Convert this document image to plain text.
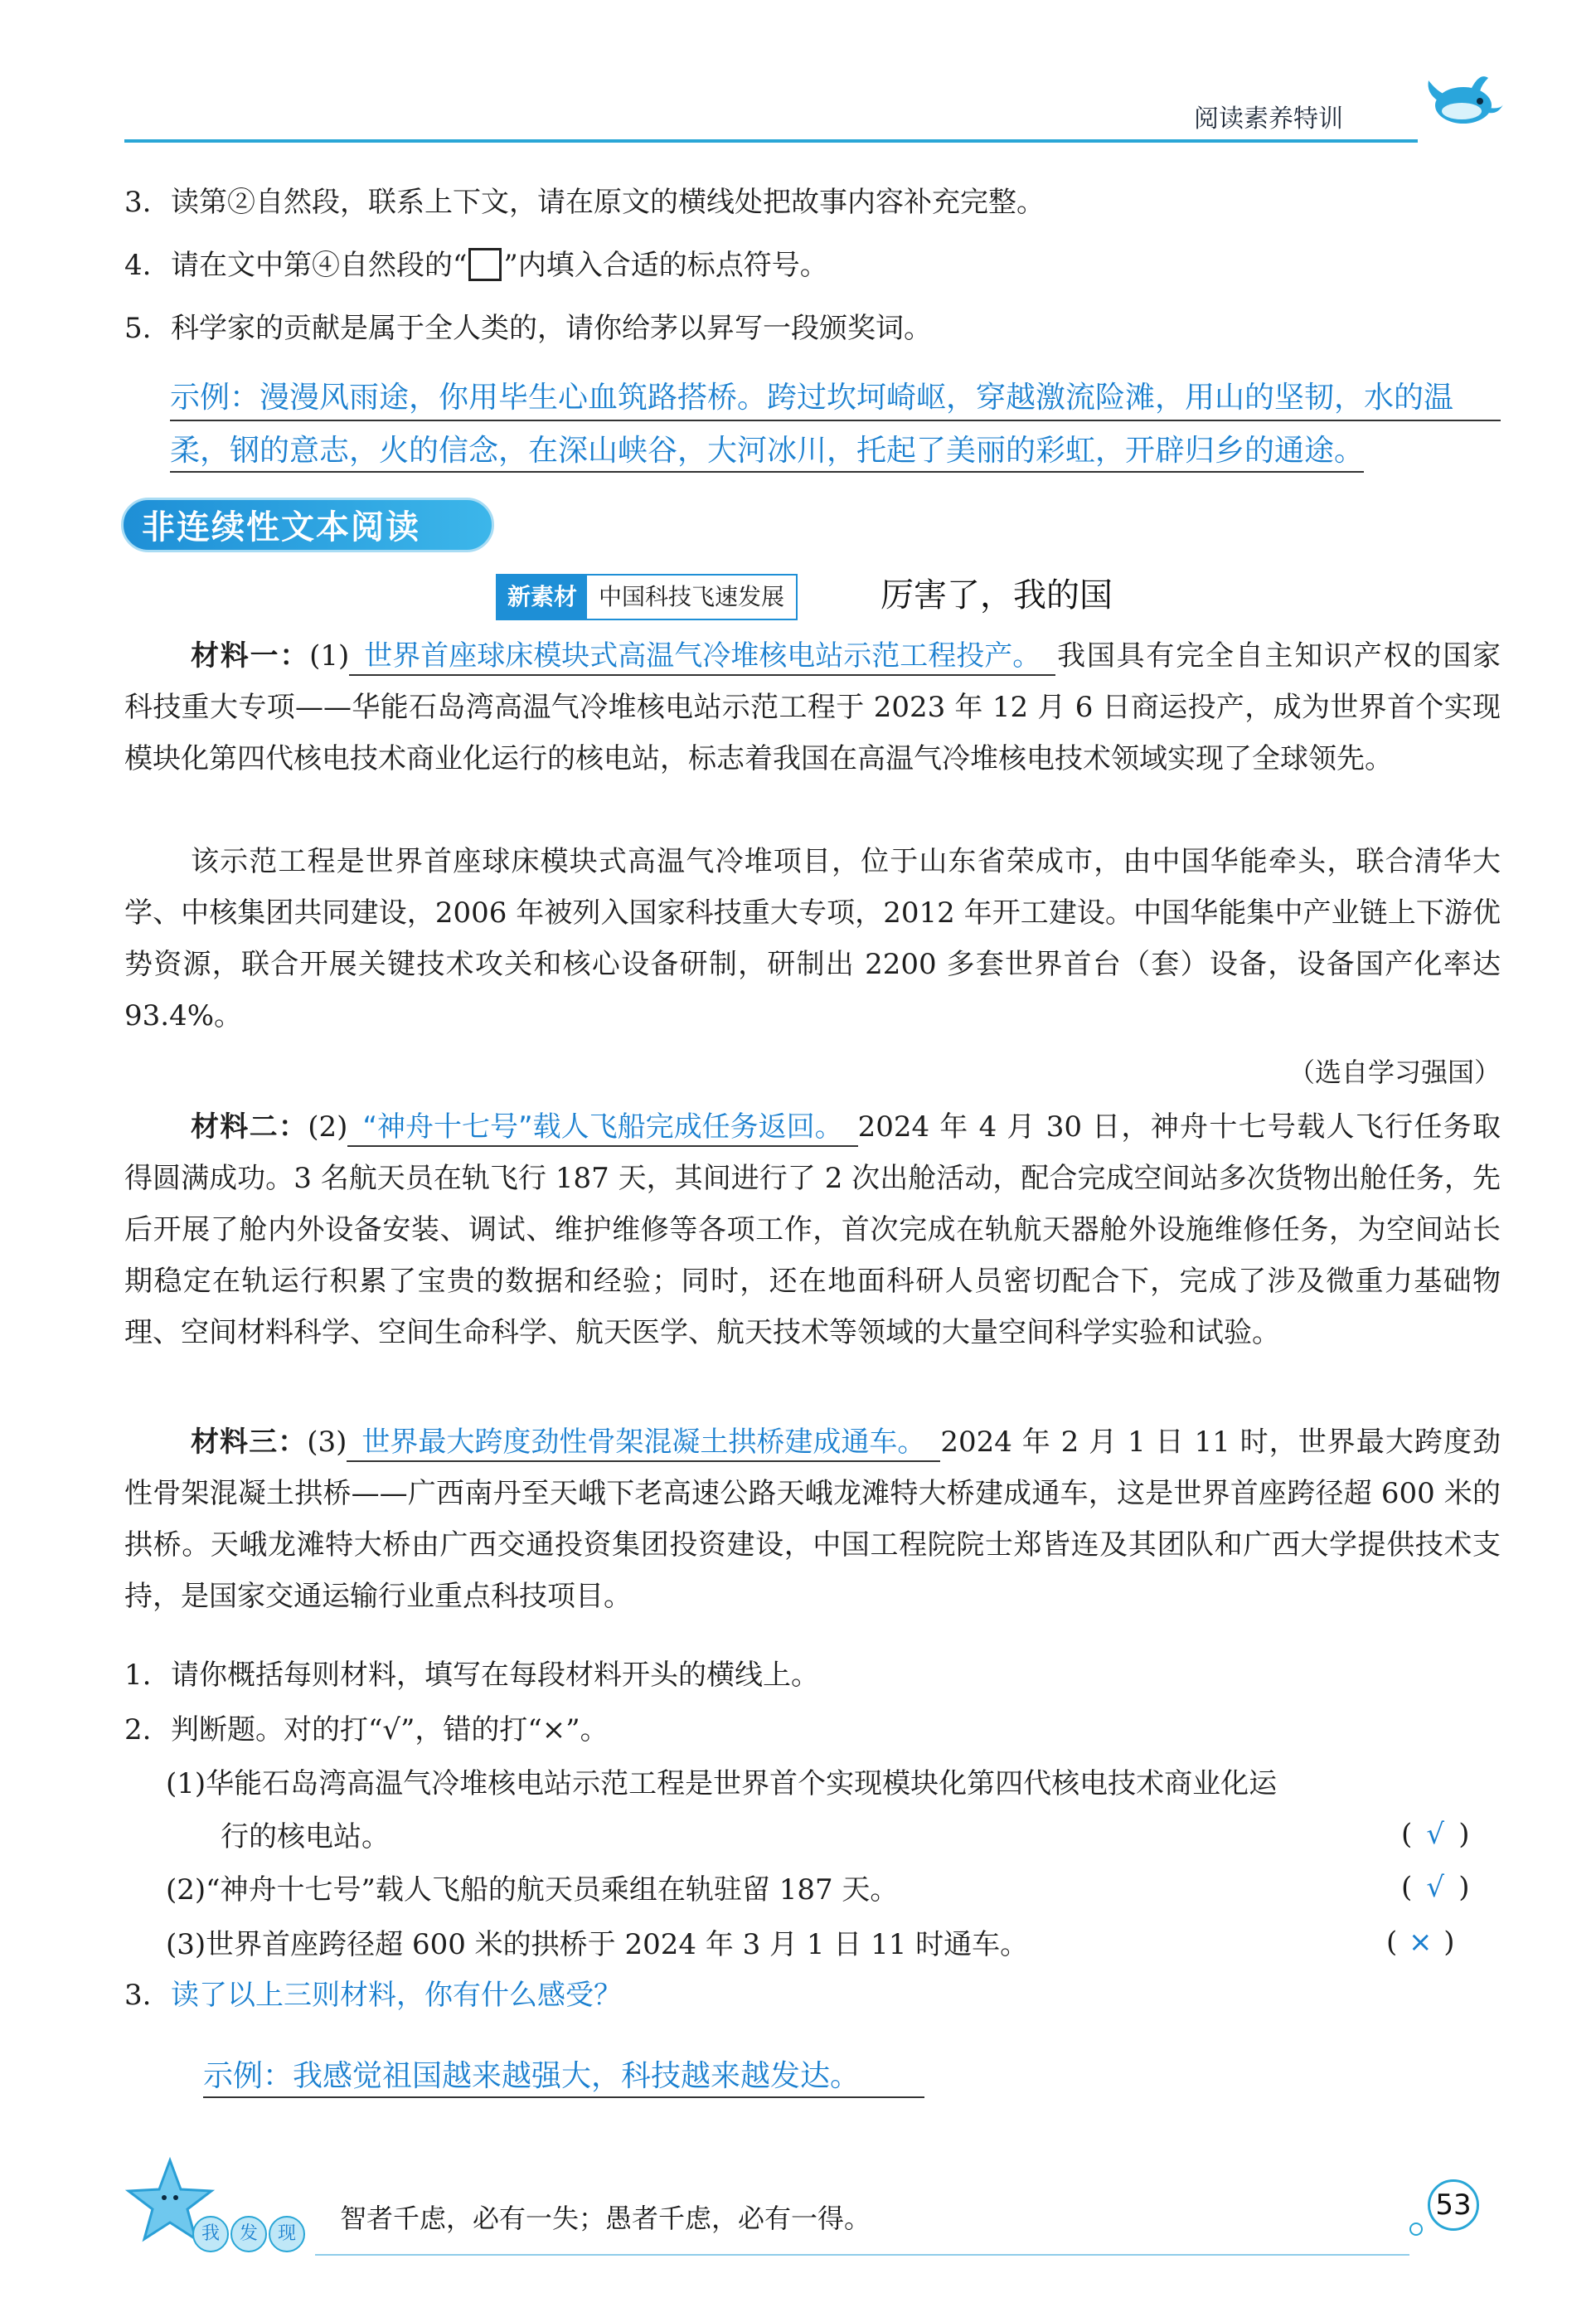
阅读素养特训
3. 读第②自然段，联系上下文，请在原文的横线处把故事内容补充完整。
4. 请在文中第④自然段的“ ”内填入合适的标点符号。
5. 科学家的贡献是属于全人类的，请你给茅以昇写一段颁奖词。
示例：漫漫风雨途，你用毕生心血筑路搭桥。跨过坎坷崎岖，穿越激流险滩，用山的坚韧，水的温
柔，钢的意志，火的信念，在深山峡谷，大河冰川，托起了美丽的彩虹，开辟归乡的通途。
非连续性文本阅读
新素材 中国科技飞速发展	厉害了，我的国
材料一：(1) 世界首座球床模块式高温气冷堆核电站示范工程投产。 我国具有完全自主知识产权的国家科技重大专项——华能石岛湾高温气冷堆核电站示范工程于 2023 年 12 月 6 日商运投产，成为世界首个实现模块化第四代核电技术商业化运行的核电站，标志着我国在高温气冷堆核电技术领域实现了全球领先。
该示范工程是世界首座球床模块式高温气冷堆项目，位于山东省荣成市，由中国华能牵头，联合清华大学、中核集团共同建设，2006 年被列入国家科技重大专项，2012 年开工建设。中国华能集中产业链上下游优势资源，联合开展关键技术攻关和核心设备研制，研制出 2200 多套世界首台（套）设备，设备国产化率达 93.4%。
（选自学习强国）
材料二：(2) “神舟十七号”载人飞船完成任务返回。 2024 年 4 月 30 日，神舟十七号载人飞行任务取得圆满成功。3 名航天员在轨飞行 187 天，其间进行了 2 次出舱活动，配合完成空间站多次货物出舱任务，先后开展了舱内外设备安装、调试、维护维修等各项工作，首次完成在轨航天器舱外设施维修任务，为空间站长期稳定在轨运行积累了宝贵的数据和经验；同时，还在地面科研人员密切配合下，完成了涉及微重力基础物理、空间材料科学、空间生命科学、航天医学、航天技术等领域的大量空间科学实验和试验。
材料三：(3) 世界最大跨度劲性骨架混凝土拱桥建成通车。 2024 年 2 月 1 日 11 时，世界最大跨度劲性骨架混凝土拱桥——广西南丹至天峨下老高速公路天峨龙滩特大桥建成通车，这是世界首座跨径超 600 米的拱桥。天峨龙滩特大桥由广西交通投资集团投资建设，中国工程院院士郑皆连及其团队和广西大学提供技术支持，是国家交通运输行业重点科技项目。
1. 请你概括每则材料，填写在每段材料开头的横线上。
2. 判断题。对的打“√”，错的打“×”。
(1)华能石岛湾高温气冷堆核电站示范工程是世界首个实现模块化第四代核电技术商业化运
行的核电站。	( √ )
(2)“神舟十七号”载人飞船的航天员乘组在轨驻留 187 天。	( √ )
(3)世界首座跨径超 600 米的拱桥于 2024 年 3 月 1 日 11 时通车。	( × )
3. 读了以上三则材料，你有什么感受？
示例：我感觉祖国越来越强大，科技越来越发达。
我	发	现	智者千虑，必有一失；愚者千虑，必有一得。	53
